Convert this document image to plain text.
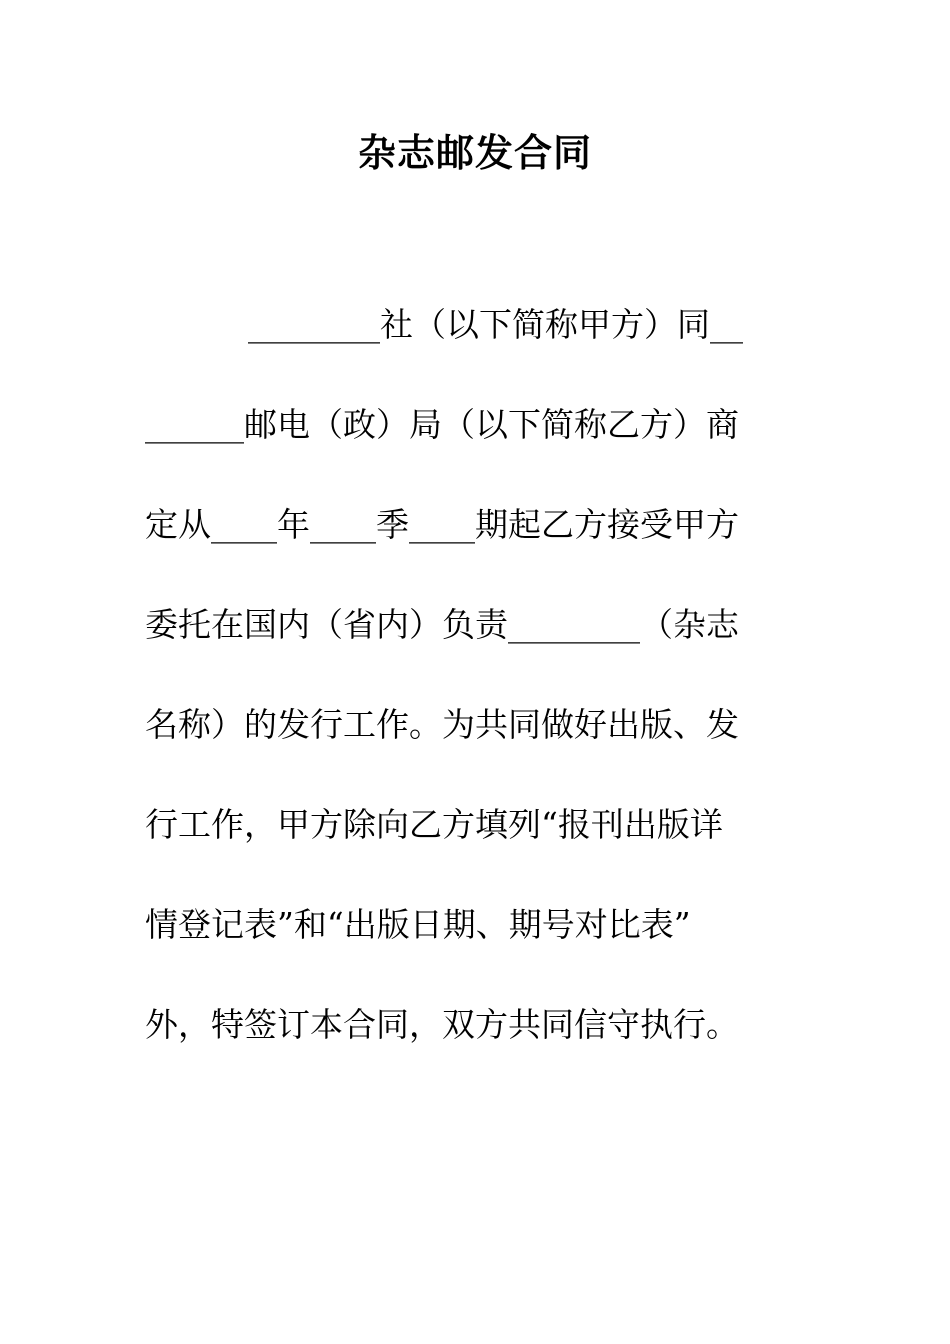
杂志邮发合同
________社（以下简称甲方）同__
______邮电（政）局（以下简称乙方）商
定从____年____季____期起乙方接受甲方
委托在国内（省内）负责________（杂志
名称）的发行工作。为共同做好出版、发
行工作，甲方除向乙方填列“报刊出版详
情登记表”和“出版日期、期号对比表”
外，特签订本合同，双方共同信守执行。
